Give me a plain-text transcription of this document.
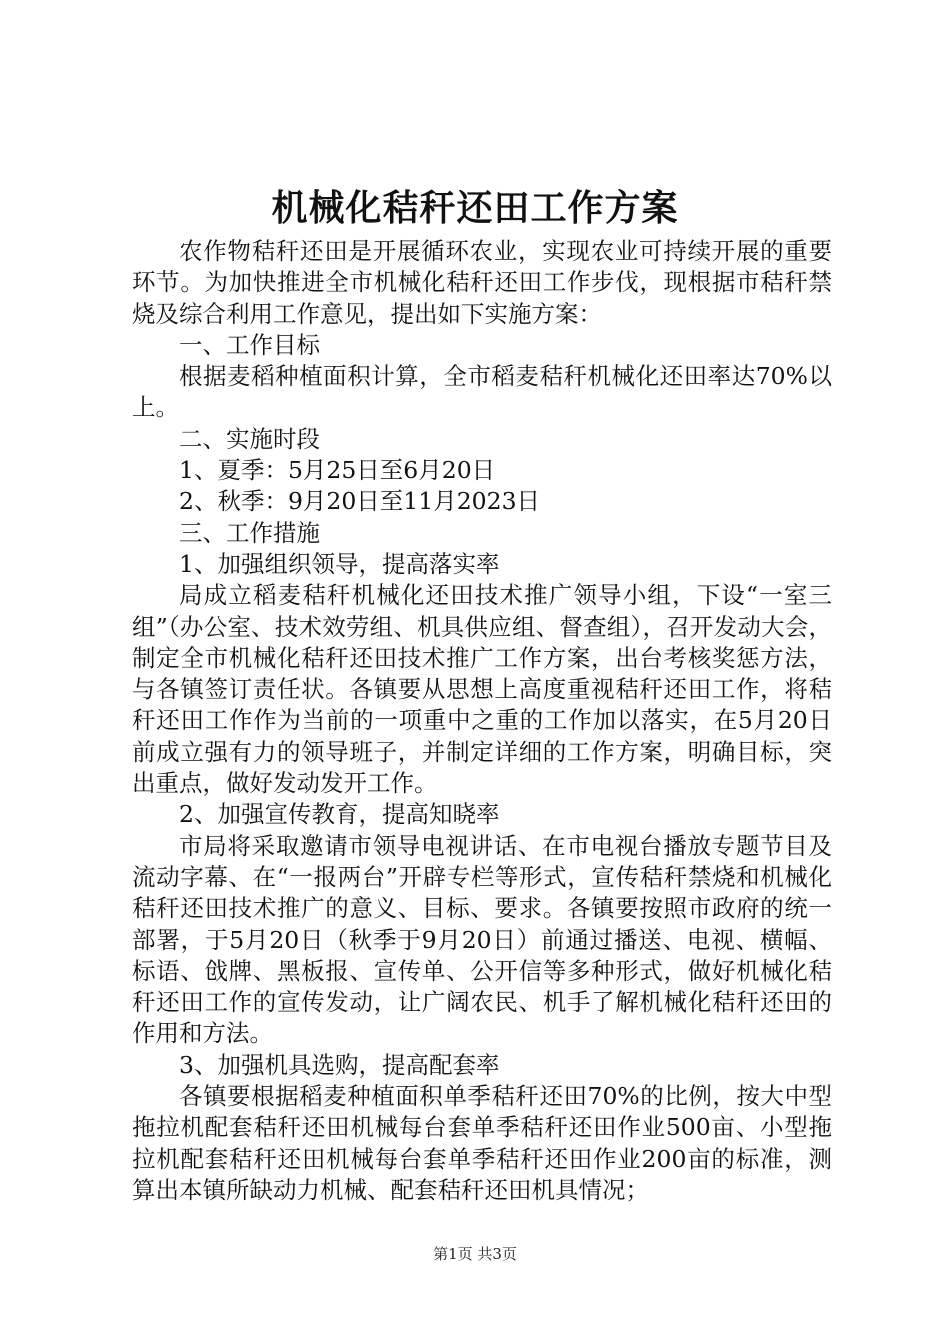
机械化秸秆还田工作方案

农作物秸秆还田是开展循环农业，实现农业可持续开展的重要环节。为加快推进全市机械化秸秆还田工作步伐，现根据市秸秆禁烧及综合利用工作意见，提出如下实施方案：

一、工作目标

根据麦稻种植面积计算，全市稻麦秸秆机械化还田率达70%以上。

二、实施时段

1、夏季：5月25日至6月20日

2、秋季：9月20日至11月2023日

三、工作措施

1、加强组织领导，提高落实率

局成立稻麦秸秆机械化还田技术推广领导小组，下设“一室三组”（办公室、技术效劳组、机具供应组、督查组），召开发动大会，制定全市机械化秸秆还田技术推广工作方案，出台考核奖惩方法，与各镇签订责任状。各镇要从思想上高度重视秸秆还田工作，将秸秆还田工作作为当前的一项重中之重的工作加以落实，在5月20日前成立强有力的领导班子，并制定详细的工作方案，明确目标，突出重点，做好发动发开工作。

2、加强宣传教育，提高知晓率

市局将采取邀请市领导电视讲话、在市电视台播放专题节目及流动字幕、在“一报两台”开辟专栏等形式，宣传秸秆禁烧和机械化秸秆还田技术推广的意义、目标、要求。各镇要按照市政府的统一部署，于5月20日（秋季于9月20日）前通过播送、电视、横幅、标语、戗牌、黑板报、宣传单、公开信等多种形式，做好机械化秸秆还田工作的宣传发动，让广阔农民、机手了解机械化秸秆还田的作用和方法。

3、加强机具选购，提高配套率

各镇要根据稻麦种植面积单季秸秆还田70%的比例，按大中型拖拉机配套秸秆还田机械每台套单季秸秆还田作业500亩、小型拖拉机配套秸秆还田机械每台套单季秸秆还田作业200亩的标准，测算出本镇所缺动力机械、配套秸秆还田机具情况；

第1页 共3页
